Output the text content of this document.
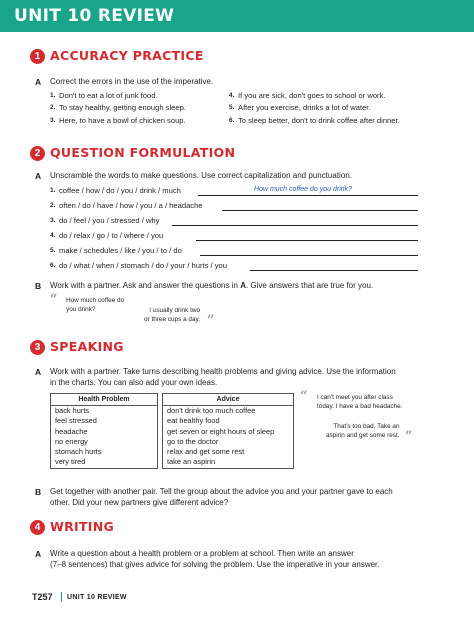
UNIT 10 REVIEW
1 ACCURACY PRACTICE
A Correct the errors in the use of the imperative.
1. Don't to eat a lot of junk food.
2. To stay healthy, getting enough sleep.
3. Here, to have a bowl of chicken soup.
4. If you are sick, don't goes to school or work.
5. After you exercise, drinks a lot of water.
6. To sleep better, don't to drink coffee after dinner.
2 QUESTION FORMULATION
A Unscramble the words to make questions. Use correct capitalization and punctuation.
1. coffee / how / do / you / drink / much	How much coffee do you drink?
2. often / do / have / how / you / a / headache
3. do / feel / you / stressed / why
4. do / relax / go / to / where / you
5. make / schedules / like / you / to / do
6. do / what / when / stomach / do / your / hurts / you
B Work with a partner. Ask and answer the questions in A. Give answers that are true for you.
“ How much coffee do
you drink?	I usually drink two
or three cups a day. ”
3 SPEAKING
A Work with a partner. Take turns describing health problems and giving advice. Use the information
in the charts. You can also add your own ideas.
Health Problem
back hurts
feel stressed
headache
no energy
stomach hurts
very tired
Advice
don't drink too much coffee
eat healthy food
get seven or eight hours of sleep
go to the doctor
relax and get some rest
take an aspirin
“ I can't meet you after class
today. I have a bad headache.
That's too bad. Take an
aspirin and get some rest. ”
B Get together with another pair. Tell the group about the advice you and your partner gave to each
other. Did your new partners give different advice?
4 WRITING
A Write a question about a health problem or a problem at school. Then write an answer
(7–8 sentences) that gives advice for solving the problem. Use the imperative in your answer.
T257 UNIT 10 REVIEW
